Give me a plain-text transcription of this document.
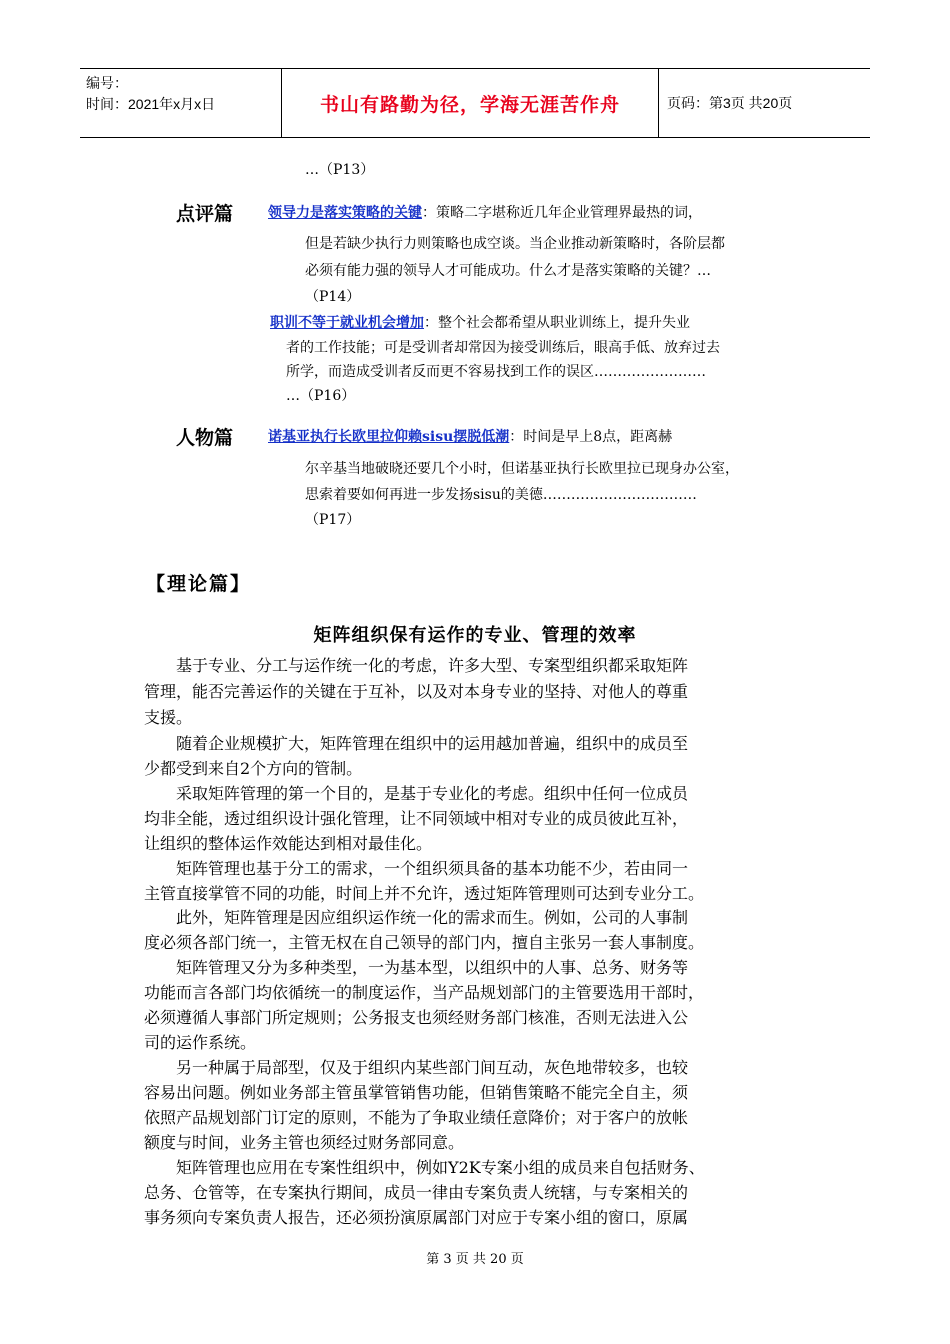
编号：
时间：2021年x月x日	书山有路勤为径，学海无涯苦作舟	页码：第3页 共20页
…（P13）
点评篇 领导力是落实策略的关键：策略二字堪称近几年企业管理界最热的词，
但是若缺少执行力则策略也成空谈。当企业推动新策略时，各阶层都
必须有能力强的领导人才可能成功。什么才是落实策略的关键？…
（P14）
职训不等于就业机会增加：整个社会都希望从职业训练上，提升失业
者的工作技能；可是受训者却常因为接受训练后，眼高手低、放弃过去
所学，而造成受训者反而更不容易找到工作的误区……………………
…（P16）
人物篇 诺基亚执行长欧里拉仰赖sisu摆脱低潮：时间是早上8点，距离赫
尔辛基当地破晓还要几个小时，但诺基亚执行长欧里拉已现身办公室，
思索着要如何再进一步发扬sisu的美德……………………………
（P17）
【理论篇】
矩阵组织保有运作的专业、管理的效率
　　基于专业、分工与运作统一化的考虑，许多大型、专案型组织都采取矩阵
管理，能否完善运作的关键在于互补，以及对本身专业的坚持、对他人的尊重
支援。
　　随着企业规模扩大，矩阵管理在组织中的运用越加普遍，组织中的成员至
少都受到来自2个方向的管制。
　　采取矩阵管理的第一个目的，是基于专业化的考虑。组织中任何一位成员
均非全能，透过组织设计强化管理，让不同领域中相对专业的成员彼此互补，
让组织的整体运作效能达到相对最佳化。
　　矩阵管理也基于分工的需求，一个组织须具备的基本功能不少，若由同一
主管直接掌管不同的功能，时间上并不允许，透过矩阵管理则可达到专业分工。
　　此外，矩阵管理是因应组织运作统一化的需求而生。例如，公司的人事制
度必须各部门统一，主管无权在自己领导的部门内，擅自主张另一套人事制度。
　　矩阵管理又分为多种类型，一为基本型，以组织中的人事、总务、财务等
功能而言各部门均依循统一的制度运作，当产品规划部门的主管要选用干部时，
必须遵循人事部门所定规则；公务报支也须经财务部门核准，否则无法进入公
司的运作系统。
　　另一种属于局部型，仅及于组织内某些部门间互动，灰色地带较多，也较
容易出问题。例如业务部主管虽掌管销售功能，但销售策略不能完全自主，须
依照产品规划部门订定的原则，不能为了争取业绩任意降价；对于客户的放帐
额度与时间，业务主管也须经过财务部同意。
　　矩阵管理也应用在专案性组织中，例如Y2K专案小组的成员来自包括财务、
总务、仓管等，在专案执行期间，成员一律由专案负责人统辖，与专案相关的
事务须向专案负责人报告，还必须扮演原属部门对应于专案小组的窗口，原属
第 3 页 共 20 页
